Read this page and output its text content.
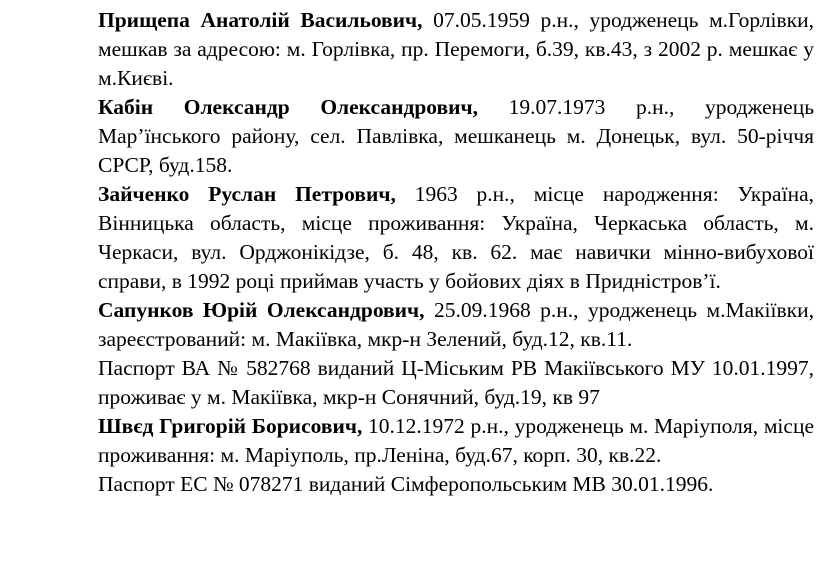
Прищепа Анатолій Васильович, 07.05.1959 р.н., уродженець м.Горлівки, мешкав за адресою: м. Горлівка, пр. Перемоги, б.39, кв.43, з 2002 р. мешкає у м.Києві.

Кабін Олександр Олександрович, 19.07.1973 р.н., уродженець Мар’їнського району, сел. Павлівка, мешканець м. Донецьк, вул. 50-річчя СРСР, буд.158.

Зайченко Руслан Петрович, 1963 р.н., місце народження: Україна, Вінницька область, місце проживання: Україна, Черкаська область, м. Черкаси, вул. Орджонікідзе, б. 48, кв. 62. має навички мінно-вибухової справи, в 1992 році приймав участь у бойових діях в Придністров’ї.

Сапунков Юрій Олександрович, 25.09.1968 р.н., уродженець м.Макіївки, зареєстрований: м. Макіївка, мкр-н Зелений, буд.12, кв.11.

Паспорт ВА № 582768 виданий Ц-Міським РВ Макіївського МУ 10.01.1997, проживає у м. Макіївка, мкр-н Сонячний, буд.19, кв 97

Швєд Григорій Борисович, 10.12.1972 р.н., уродженець м. Маріуполя, місце проживання: м. Маріуполь, пр.Леніна, буд.67, корп. 30, кв.22.

Паспорт ЕС № 078271 виданий Сімферопольським МВ 30.01.1996.
